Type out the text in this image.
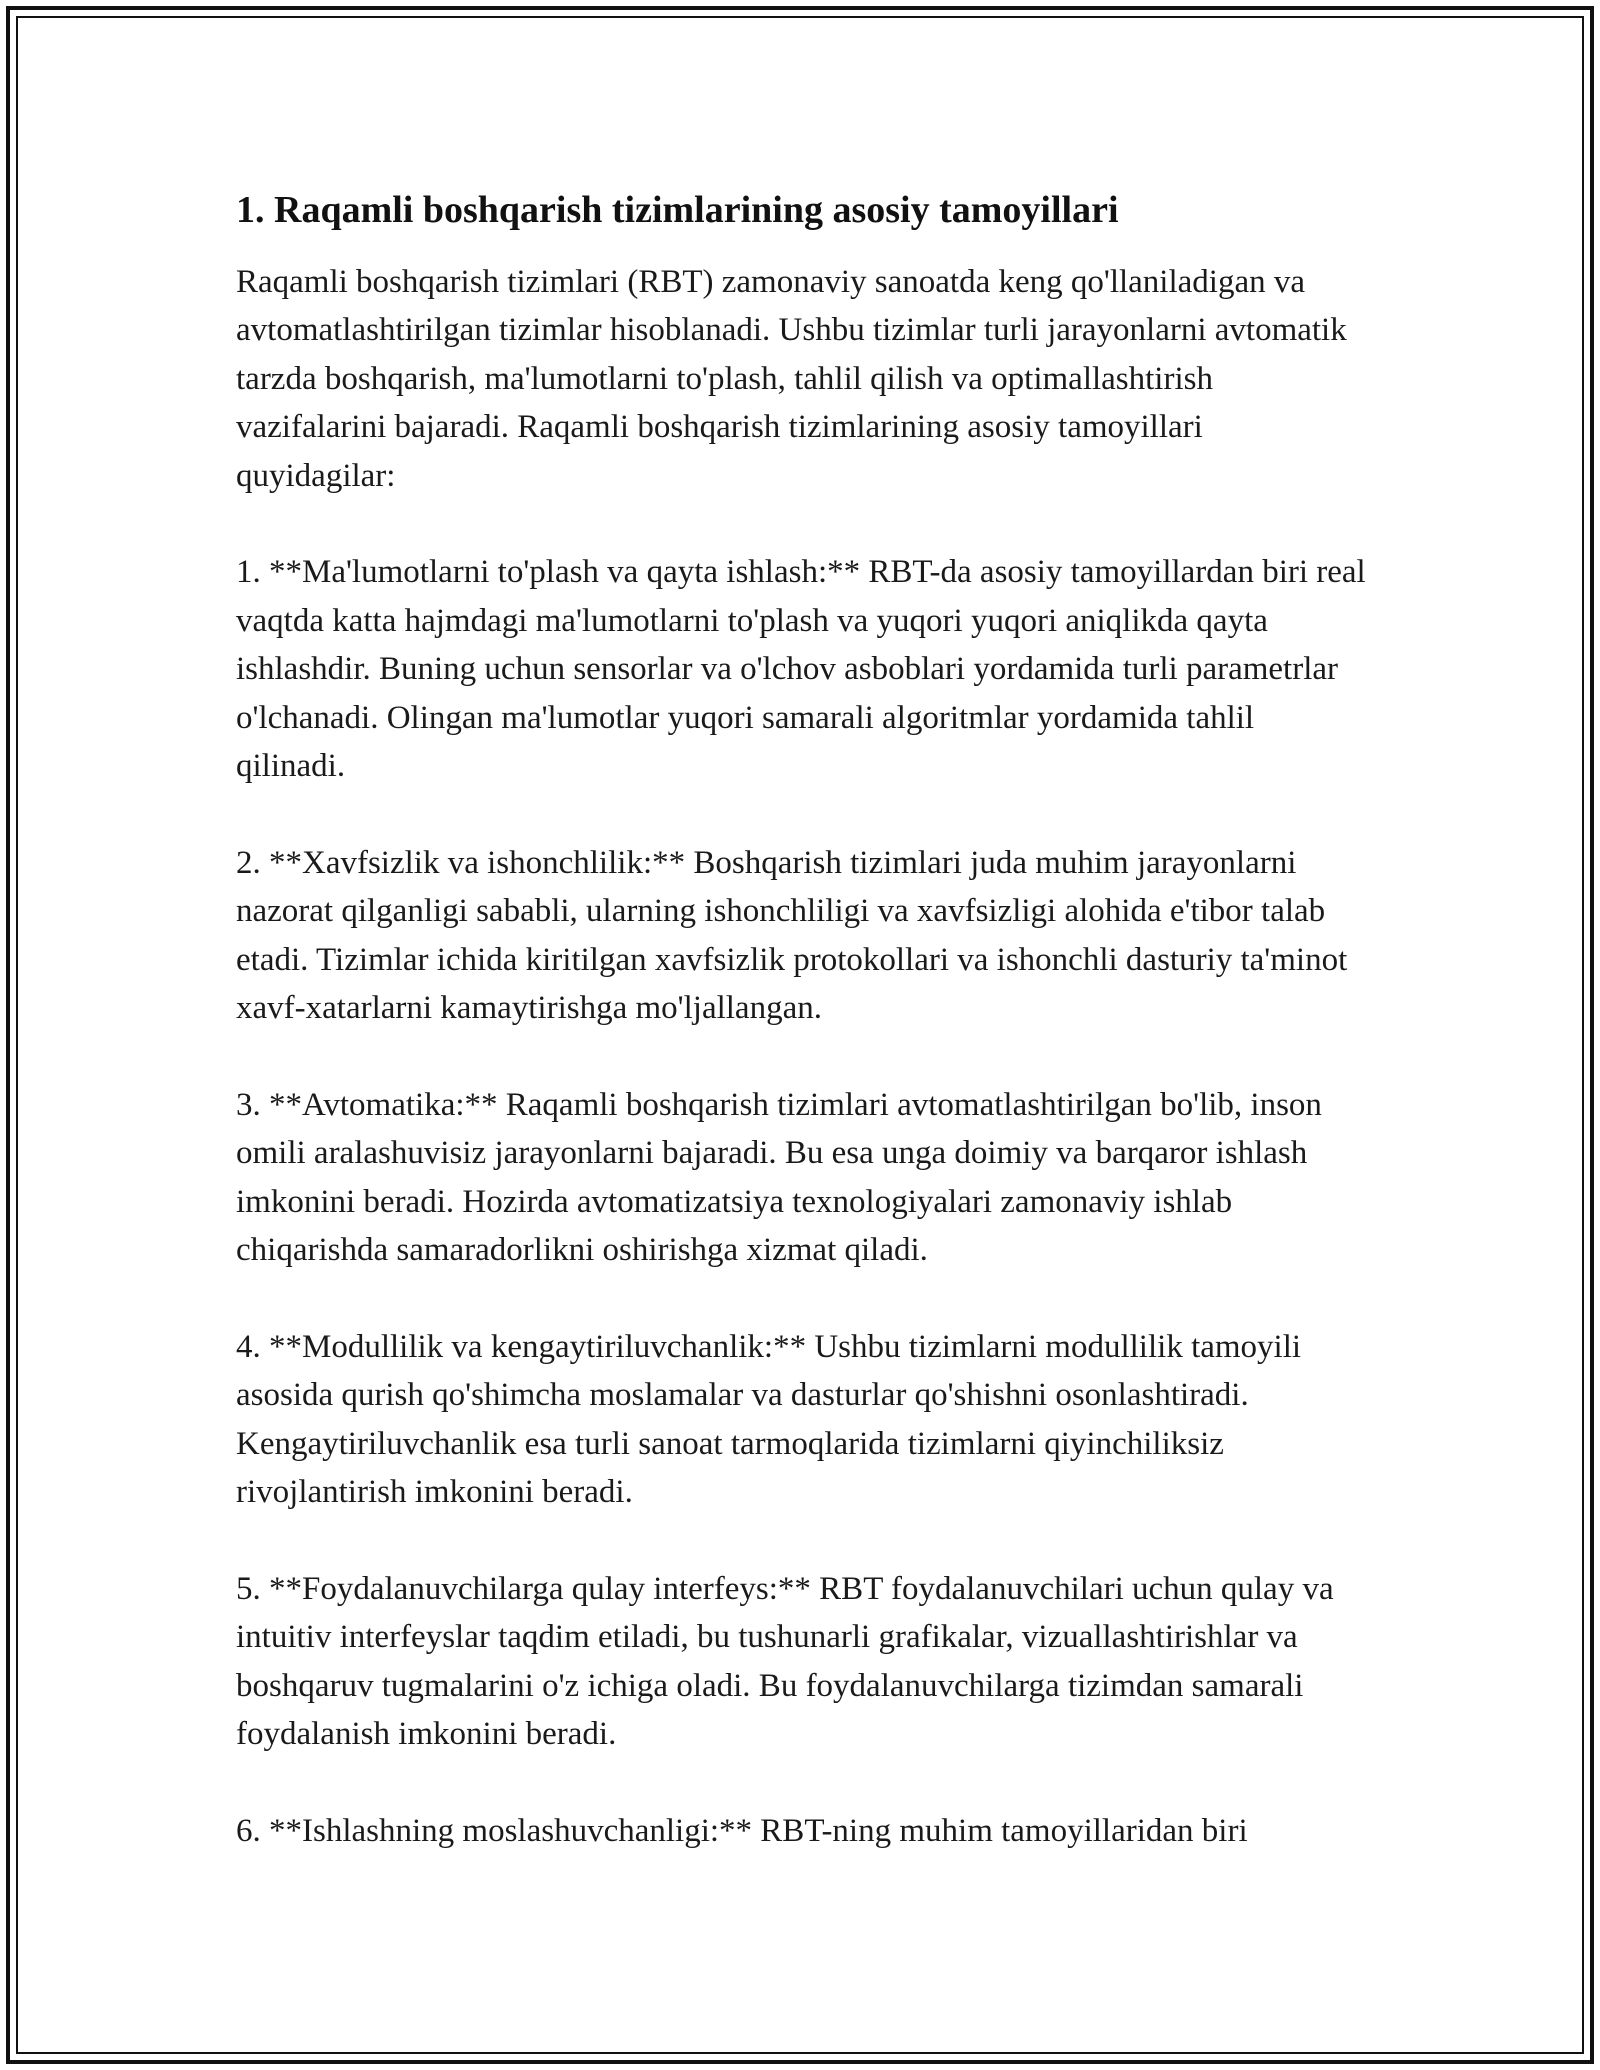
1. Raqamli boshqarish tizimlarining asosiy tamoyillari

Raqamli boshqarish tizimlari (RBT) zamonaviy sanoatda keng qo'llaniladigan va avtomatlashtirilgan tizimlar hisoblanadi. Ushbu tizimlar turli jarayonlarni avtomatik tarzda boshqarish, ma'lumotlarni to'plash, tahlil qilish va optimallashtirish vazifalarini bajaradi. Raqamli boshqarish tizimlarining asosiy tamoyillari quyidagilar:

1. **Ma'lumotlarni to'plash va qayta ishlash:** RBT-da asosiy tamoyillardan biri real vaqtda katta hajmdagi ma'lumotlarni to'plash va yuqori yuqori aniqlikda qayta ishlashdir. Buning uchun sensorlar va o'lchov asboblari yordamida turli parametrlar o'lchanadi. Olingan ma'lumotlar yuqori samarali algoritmlar yordamida tahlil qilinadi.

2. **Xavfsizlik va ishonchlilik:** Boshqarish tizimlari juda muhim jarayonlarni nazorat qilganligi sababli, ularning ishonchliligi va xavfsizligi alohida e'tibor talab etadi. Tizimlar ichida kiritilgan xavfsizlik protokollari va ishonchli dasturiy ta'minot xavf-xatarlarni kamaytirishga mo'ljallangan.

3. **Avtomatika:** Raqamli boshqarish tizimlari avtomatlashtirilgan bo'lib, inson omili aralashuvisiz jarayonlarni bajaradi. Bu esa unga doimiy va barqaror ishlash imkonini beradi. Hozirda avtomatizatsiya texnologiyalari zamonaviy ishlab chiqarishda samaradorlikni oshirishga xizmat qiladi.

4. **Modullilik va kengaytiriluvchanlik:** Ushbu tizimlarni modullilik tamoyili asosida qurish qo'shimcha moslamalar va dasturlar qo'shishni osonlashtiradi. Kengaytiriluvchanlik esa turli sanoat tarmoqlarida tizimlarni qiyinchiliksiz rivojlantirish imkonini beradi.

5. **Foydalanuvchilarga qulay interfeys:** RBT foydalanuvchilari uchun qulay va intuitiv interfeyslar taqdim etiladi, bu tushunarli grafikalar, vizuallashtirishlar va boshqaruv tugmalarini o'z ichiga oladi. Bu foydalanuvchilarga tizimdan samarali foydalanish imkonini beradi.

6. **Ishlashning moslashuvchanligi:** RBT-ning muhim tamoyillaridan biri
